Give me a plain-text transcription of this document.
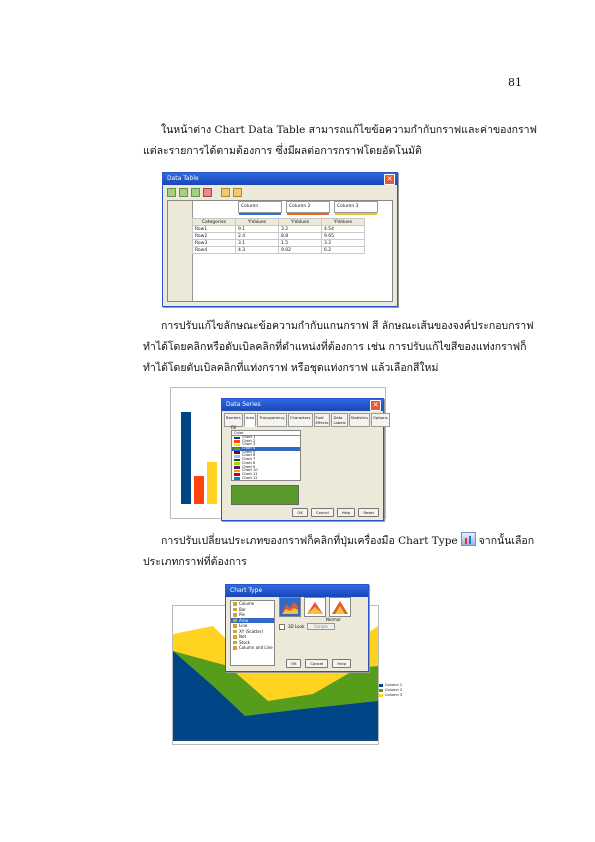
81

ในหน้าต่าง Chart Data Table สามารถแก้ไขข้อความกำกับกราฟและค่าของกราฟแต่ละรายการได้ตามต้องการ ซึ่งมีผลต่อการกราฟโดยอัตโนมัติ

Data Table	✕
Column	Column 2	Column 3
Categories	Y-Values	Y-Values	Y-Values
Row1	9.1	3.2	4.54
Row2	2.4	8.8	9.65
Row3	3.1	1.5	3.2
Row4	4.3	9.02	6.2

การปรับแก้ไขลักษณะข้อความกำกับแกนกราฟ สี ลักษณะเส้นของจงค์ประกอบกราฟ ทำได้โดยคลิกหรือดับเบิลคลิกที่ตำแหน่งที่ต้องการ เช่น การปรับแก้ไขสีของแท่งกราฟก็ทำได้โดยดับเบิลคลิกที่แท่งกราฟ หรือชุดแท่งกราฟ แล้วเลือกสีใหม่

Data Series	✕
Borders	Area	Transparency	Characters	Font Effects
Data Labels
Statistics	Options
Fill
Color
Chart 1
Chart 2
Chart 3
Chart 4
Chart 5
Chart 6
Chart 7
Chart 8
Chart 9
Chart 10
Chart 11
Chart 12
OK	Cancel	Help	Reset

การปรับเปลี่ยนประเภทของกราฟก็คลิกที่ปุ่มเครื่องมือ Chart Type จากนั้นเลือกประเภทกราฟที่ต้องการ

Column 1
Column 2
Column 3
Chart Type
Column
Bar
Pie
Area
Line
XY (Scatter)
Net
Stock
Column and Line
Normal
3D Look	Simple
OK	Cancel	Help
